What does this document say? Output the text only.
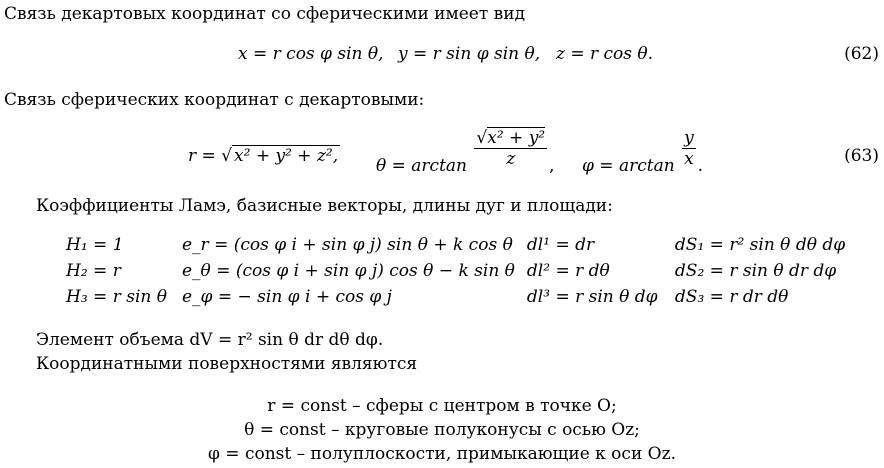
Связь декартовых координат со сферическими имеет вид
x = r cos φ sin θ, y = r sin φ sin θ, z = r cos θ.	(62)
Связь сферических координат с декартовыми:
r = √ x² + y² + z², $\theta = \arctan \frac{\text{√x² + y²}}{z}$ , $\varphi = \arctan \frac{y}{x}$ .	(63)
Коэффициенты Ламэ, базисные векторы, длины дуг и площади:
H₁ = 1	e_r = (cos φ i + sin φ j) sin θ + k cos θ	dl¹ = dr	dS₁ = r² sin θ dθ dφ
H₂ = r	e_θ = (cos φ i + sin φ j) cos θ − k sin θ	dl² = r dθ	dS₂ = r sin θ dr dφ
H₃ = r sin θ	e_φ = − sin φ i + cos φ j	dl³ = r sin θ dφ	dS₃ = r dr dθ
Элемент объема dV = r² sin θ dr dθ dφ.
Координатными поверхностями являются
r = const – сферы с центром в точке O;
θ = const – круговые полуконусы с осью Oz;
φ = const – полуплоскости, примыкающие к оси Oz.
